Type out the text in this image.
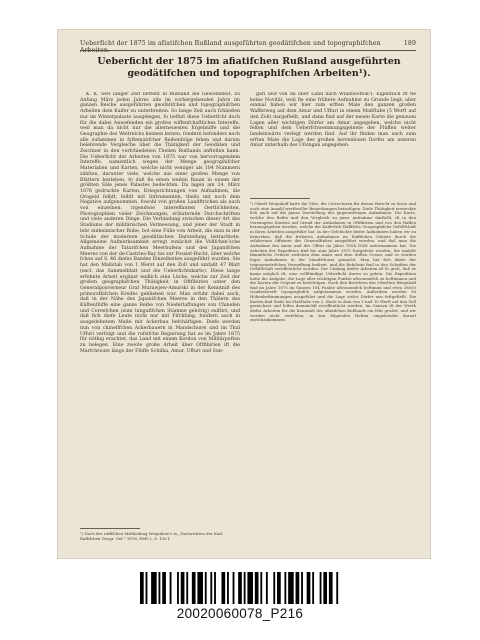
Ueberficht der 1875 im afiatifchen Rußland ausgeführten geodätifchen und topographifchen Arbeiten.
189
Ueberficht der 1875 im afiatifchen Rußland ausgeführten geodätifchen und topographifchen Arbeiten¹).

K. K. Seit langer Zeit befteht in Rußland die Gewohnheit, zu Anfang März jeden Jahres alle im vorhergehenden Jahre im ganzen Reiche ausgeführten geodätifchen und topographifchen Arbeiten dem Kaifer zu unterbreiten. So lange Zeit auch fchließen nur im Winterpalaste ausgelegen, fo befitzt diese Ueberficht doch für die dabei Anwefenden ein großes wiffenfchaftliches Intereffe, weil man da nicht nur die allerneuesten Ergebniffe und die Geographie des Weltreichs kennen lernen, fondern befonders noch alle zufammen in fyftematifcher Reihenfolge fehen und darum belehrende Vergleiche über die Thätigkeit der Geodäten und Zeichner in den verfchiedenen Theilen Rußlands anftellen kann. Die Ueberficht der Arbeiten von 1875 war von hervorragendem Intereffe, namentlich wegen der Menge geographifcher Materialien und Karten, welche nicht weniger als 104 Nummern zählten, darunter viele, welche aus einer großen Menge von Blättern bestehen, fo daß fie einen weiten Raum in einem der größten Säle jenes Palastes bedeckten. Da lagen am 24. März 1876 gedruckte Karten, Kriegsrichtungen von Aufnahmen, die Orogeid felbft, ſelbſt mit Inſtrumenten, theils mit noch dem Negative aufgenommen, fowohl von großen Landftrichen als auch von einzelnen, irgendwie intereffanten Oertlichkeiten, Photographien vieler Zeichnungen, erläuternde Durchschriften und viele anderen Dinge. Die Verbindung zwischen dieser Art des Studiums der militärischen Vermessung, und jener der Stadt in lehr einheimischer Ruhe, bot eine Fülle von Arbeit, die man in der Schule der modernen geodätischen Darstellung betrachtete. Allgemeine Aufmerksamkeit erregt zunächst die Vollfchen’sche Aufnahme der Tatarifchen Meerbufens und des Japanifchen Meeres von der de-Castries-Bay bis zur Possiet-Bucht, über welche fchon auf S. 46 diefes Bandes Einzelheiten ausgeführt wurden. Sie hat den Maßstab von 1 Werst auf den Zoll und umfaßt 47 Blatt (excl. das Sammelblatt und die Ueberfichtskarte). Diese lange erfehnte Arbeit ergänzt endlich eine Lücke, welche zur Zeit der großen geographifchen Thätigkeit in Oftfibirien unter den Generalgouverneur Graf Murawjew-Amurski in der Kenntniß des primorsfkifchen Kreifes geblieben war. Man erfuhr dabei auch, daß in der Nähe des Japanifchen Meeres in den Thälern des Küftenflüffe eine ganze Reihe von Niederlaffungen von Chinefen und Coreefchen (zum tungufifchen Stamme gehörig) exiftirt, und daß fich diefe Leute nicht nur mit Fifchfang, fondern auch in ausgedehntem Maße mit Ackerbau befchäftigen. Diefe werden nun von chinefifchen Ackerbauern in Mandschurei und im Thal Uffuri verfolgt und die rufsifche Regierung hat es im Jahre 1875 für nöthig erachtet, das Land mit einem Kordon von Militärpoften zu belegen. Eine zweite große Arbeit über Oftfibirien ift die Marfchroute längs der Flüffe Schilka, Amur, Uffuri und Sun-

¹) Nach der ruffifchen Mittheilung Wenjukow's in „Nachrichten der Kaif. Ruffifchen Geogr. Gef.“ 1876, Heft 2, S. 126 f.

gari und von da über Land nach Wladiwoftok²). Eigentlich ift fie keine Novität, weil fie eine frühere Aufnahme zu Grunde liegt; aber einmal haben wir hier zum erften Male den ganzen großen Wafferweg auf dem Amur und Uffuri in einem Maßftabe (5 Werft auf den Zoll) dargeftellt, und dann find auf der neuen Karte die genauen Lagen aller wichtigen Dörfer am Amur angegeben, welche nicht felten und dem Ueberfchwemmungsgebiete der Flüffen weiter landeinwärts verlegt werden find. Auf ihr finden man auch zum erften Male die Lage des großen herrenlosen Dorfes am unteren Amur unterhalb des Ufsingan angegeben.

¹) Oberft Wenjukoff hatte die Güte, die Correcturen für diesen Bericht zu lesen und auch eine Anzahl werthvoller Bemerkungen beizufügen. Diefe Thätigkeit erstreckte fich auch auf die ganze Darstellung der gegenwärtigen Aufnahmen. Die Karte, welche den Befitz und den Vergleich zu jener Aufnahme darftellt, ift in den Vereinigten Staaten auf Grund der Aufnahmen in Oftfibirien und von den Ruffen herausgegeben worden, welche die Kaiferlich Ruffifche Geographifche Gefellfchaft in ihren Arbeiten ausgeführt hat. In der Gefchichte diefer Aufnahmen haben wir zu bemerken, daß die früheren Aufnahmen im Ruffifchen Gebiete durch die erfahrenen Offiziere des Generalftabes ausgeführt wurden, und daß man die Aufnahme des Amur und des Uffuri im Jahre 1854–1858 unternommen hat. Die Arbeiten der Expedition find bis zum Jahre 1875 fortgefetzt worden. Sie umfaßt fämmtliche Gebiete zwifchen dem Amur und dem Stillen Ocean, und es wurden fogar Aufnahmen in der Mandfchurei gemacht. Man hat fich dabei der trigonometrifchen Vermeffung bedient, und die Refultate find in den Schriften der Gefellfchaft veröffentlicht worden. Der Umfang diefer Arbeiten ift fo groß, daß es kaum möglich ift, eine vollftändige Ueberficht davon zu geben. Die Expedition hatte die Aufgabe, die Lage aller wichtigen Punkte aftronomifch zu beftimmen und die Karten der Gegend zu berichtigen. Nach den Berichten des Oberften Wenjukoff find im Jahre 1875 im Ganzen 104 Punkte aftronomifch beftimmt und etwa 28000 Quadratwerft topographifch aufgenommen worden. Außerdem wurden 36 Höhenbeftimmungen ausgeführt und die Lage vieler Dörfer neu feftgeftellt. Die Karten find theils im Maßftabe von 2, theils in dem von 5 und 10 Werft auf den Zoll gezeichnet und follen demnächft veröffentlicht werden. Im Ganzen ift der Werth diefer Arbeiten für die Kenntniß des afiatifchen Rußlands ein fehr großer, und wir werden nicht verfehlen, in den folgenden Heften eingehender darauf zurückzukommen.
20020060078_P216
